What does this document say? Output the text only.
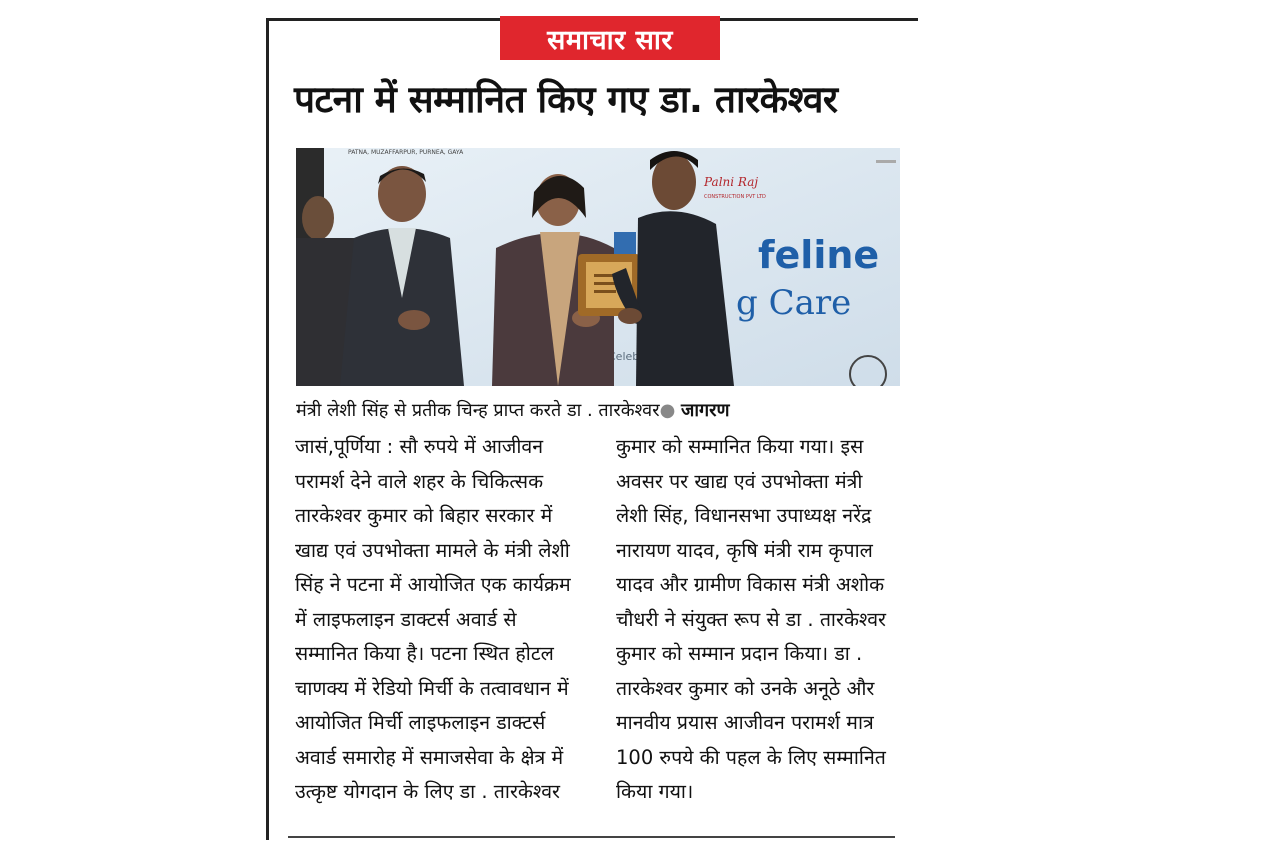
समाचार सार
पटना में सम्मानित किए गए डा. तारकेश्वर
PATNA, MUZAFFARPUR, PURNEA, GAYA
feline
g Care
Celebr
Palni Raj
CONSTRUCTION PVT LTD
मंत्री लेशी सिंह से प्रतीक चिन्ह प्राप्त करते डा . तारकेश्वर● जागरण
जासं,पूर्णिया : सौ रुपये में आजीवन
परामर्श देने वाले शहर के चिकित्सक
तारकेश्वर कुमार को बिहार सरकार में
खाद्य एवं उपभोक्ता मामले के मंत्री लेशी
सिंह ने पटना में आयोजित एक कार्यक्रम
में लाइफलाइन डाक्टर्स अवार्ड से
सम्मानित किया है। पटना स्थित होटल
चाणक्य में रेडियो मिर्ची के तत्वावधान में
आयोजित मिर्ची लाइफलाइन डाक्टर्स
अवार्ड समारोह में समाजसेवा के क्षेत्र में
उत्कृष्ट योगदान के लिए डा . तारकेश्वर
कुमार को सम्मानित किया गया। इस
अवसर पर खाद्य एवं उपभोक्ता मंत्री
लेशी सिंह, विधानसभा उपाध्यक्ष नरेंद्र
नारायण यादव, कृषि मंत्री राम कृपाल
यादव और ग्रामीण विकास मंत्री अशोक
चौधरी ने संयुक्त रूप से डा . तारकेश्वर
कुमार को सम्मान प्रदान किया। डा .
तारकेश्वर कुमार को उनके अनूठे और
मानवीय प्रयास आजीवन परामर्श मात्र
100 रुपये की पहल के लिए सम्मानित
किया गया।
